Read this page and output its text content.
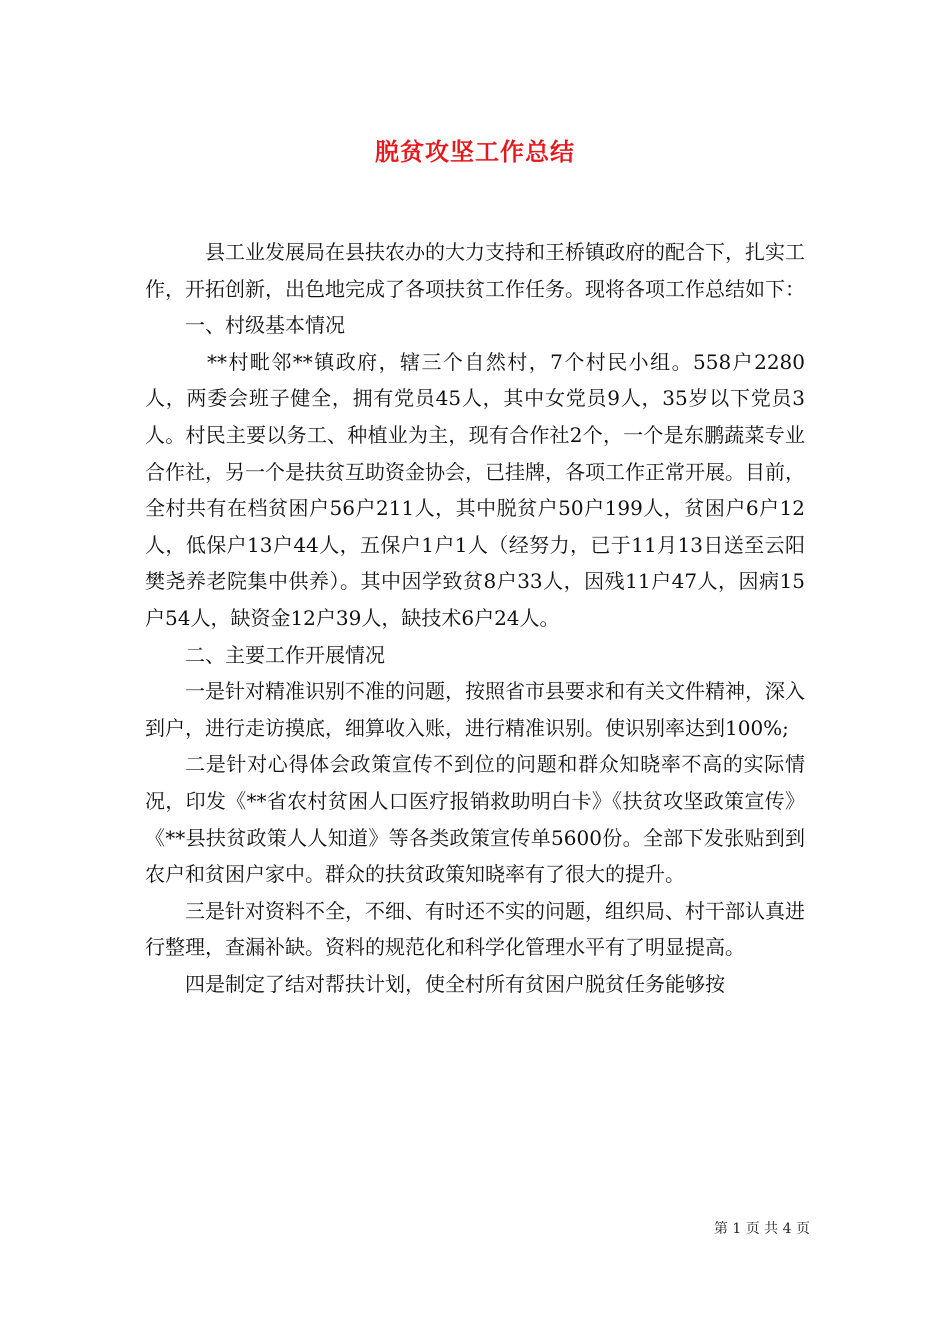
脱贫攻坚工作总结

县工业发展局在县扶农办的大力支持和王桥镇政府的配合下，扎实工作，开拓创新，出色地完成了各项扶贫工作任务。现将各项工作总结如下：

一、村级基本情况

**村毗邻**镇政府，辖三个自然村，7个村民小组。558户2280人，两委会班子健全，拥有党员45人，其中女党员9人，35岁以下党员3人。村民主要以务工、种植业为主，现有合作社2个，一个是东鹏蔬菜专业合作社，另一个是扶贫互助资金协会，已挂牌，各项工作正常开展。目前，全村共有在档贫困户56户211人，其中脱贫户50户199人，贫困户6户12人，低保户13户44人，五保户1户1人（经努力，已于11月13日送至云阳樊尧养老院集中供养）。其中因学致贫8户33人，因残11户47人，因病15户54人，缺资金12户39人，缺技术6户24人。

二、主要工作开展情况

一是针对精准识别不准的问题，按照省市县要求和有关文件精神，深入到户，进行走访摸底，细算收入账，进行精准识别。使识别率达到100%;

二是针对心得体会政策宣传不到位的问题和群众知晓率不高的实际情况，印发《**省农村贫困人口医疗报销救助明白卡》《扶贫攻坚政策宣传》《**县扶贫政策人人知道》等各类政策宣传单5600份。全部下发张贴到到农户和贫困户家中。群众的扶贫政策知晓率有了很大的提升。

三是针对资料不全，不细、有时还不实的问题，组织局、村干部认真进行整理，查漏补缺。资料的规范化和科学化管理水平有了明显提高。

四是制定了结对帮扶计划，使全村所有贫困户脱贫任务能够按

第 1 页 共 4 页
